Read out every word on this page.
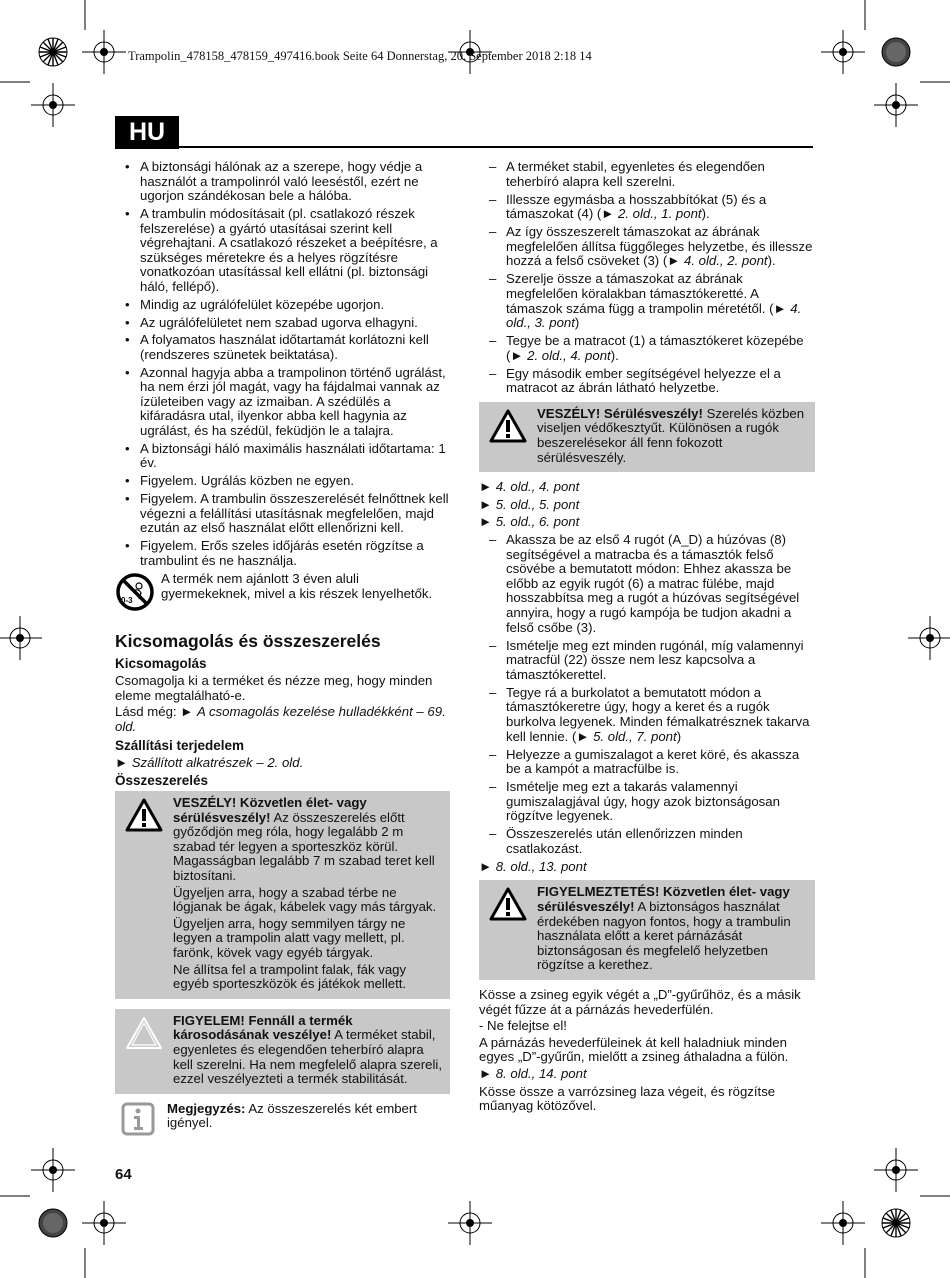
Trampolin_478158_478159_497416.book Seite 64 Donnerstag, 20. September 2018 2:18 14
HU
• A biztonsági hálónak az a szerepe, hogy védje a használót a trampolinról való leeséstől, ezért ne ugorjon szándékosan bele a hálóba.
• A trambulin módosításait (pl. csatlakozó részek felszerelése) a gyártó utasításai szerint kell végrehajtani. A csatlakozó részeket a beépítésre, a szükséges méretekre és a helyes rögzítésre vonatkozóan utasítással kell ellátni (pl. biztonsági háló, fellépő).
• Mindig az ugrálófelület közepébe ugorjon.
• Az ugrálófelületet nem szabad ugorva elhagyni.
• A folyamatos használat időtartamát korlátozni kell (rendszeres szünetek beiktatása).
• Azonnal hagyja abba a trampolinon történő ugrálást, ha nem érzi jól magát, vagy ha fájdalmai vannak az ízületeiben vagy az izmaiban. A szédülés a kifáradásra utal, ilyenkor abba kell hagynia az ugrálást, és ha szédül, feküdjön le a talajra.
• A biztonsági háló maximális használati időtartama: 1 év.
• Figyelem. Ugrálás közben ne egyen.
• Figyelem. A trambulin összeszerelését felnőttnek kell végezni a felállítási utasításnak megfelelően, majd ezután az első használat előtt ellenőrizni kell.
• Figyelem. Erős szeles időjárás esetén rögzítse a trambulint és ne használja.
0-3
A termék nem ajánlott 3 éven aluli gyermekeknek, mivel a kis részek lenyelhetők.
Kicsomagolás és összeszerelés
Kicsomagolás

Csomagolja ki a terméket és nézze meg, hogy minden eleme megtalálható-e.

Lásd még: ► A csomagolás kezelése hulladékként – 69. old.

Szállítási terjedelem

► Szállított alkatrészek – 2. old.

Összeszerelés

VESZÉLY! Közvetlen élet- vagy sérülésveszély! Az összeszerelés előtt győződjön meg róla, hogy legalább 2 m szabad tér legyen a sporteszköz körül. Magasságban legalább 7 m szabad teret kell biztosítani.

Ügyeljen arra, hogy a szabad térbe ne lógjanak be ágak, kábelek vagy más tárgyak.

Ügyeljen arra, hogy semmilyen tárgy ne legyen a trampolin alatt vagy mellett, pl. farönk, kövek vagy egyéb tárgyak.

Ne állítsa fel a trampolint falak, fák vagy egyéb sporteszközök és játékok mellett.

FIGYELEM! Fennáll a termék károsodásának veszélye! A terméket stabil, egyenletes és elegendően teherbíró alapra kell szerelni. Ha nem megfelelő alapra szereli, ezzel veszélyezteti a termék stabilitását.

Megjegyzés: Az összeszerelés két embert igényel.
– A terméket stabil, egyenletes és elegendően teherbíró alapra kell szerelni.
– Illessze egymásba a hosszabbítókat (5) és a támaszokat (4) (► 2. old., 1. pont).
– Az így összeszerelt támaszokat az ábrának megfelelően állítsa függőleges helyzetbe, és illessze hozzá a felső csöveket (3) (► 4. old., 2. pont).
– Szerelje össze a támaszokat az ábrának megfelelően köralakban támasztókeretté. A támaszok száma függ a trampolin méretétől. (► 4. old., 3. pont)
– Tegye be a matracot (1) a támasztókeret közepébe (► 2. old., 4. pont).
– Egy második ember segítségével helyezze el a matracot az ábrán látható helyzetbe.

VESZÉLY! Sérülésveszély! Szerelés közben viseljen védőkesztyűt. Különösen a rugók beszerelésekor áll fenn fokozott sérülésveszély.

► 4. old., 4. pont

► 5. old., 5. pont

► 5. old., 6. pont

– Akassza be az első 4 rugót (A_D) a húzóvas (8) segítségével a matracba és a támasztók felső csövébe a bemutatott módon: Ehhez akassza be előbb az egyik rugót (6) a matrac fülébe, majd hosszabbítsa meg a rugót a húzóvas segítségével annyira, hogy a rugó kampója be tudjon akadni a felső csőbe (3).
– Ismételje meg ezt minden rugónál, míg valamennyi matracfül (22) össze nem lesz kapcsolva a támasztókerettel.
– Tegye rá a burkolatot a bemutatott módon a támasztókeretre úgy, hogy a keret és a rugók burkolva legyenek. Minden fémalkatrésznek takarva kell lennie. (► 5. old., 7. pont)
– Helyezze a gumiszalagot a keret köré, és akassza be a kampót a matracfülbe is.
– Ismételje meg ezt a takarás valamennyi gumiszalagjával úgy, hogy azok biztonságosan rögzítve legyenek.
– Összeszerelés után ellenőrizzen minden csatlakozást.

► 8. old., 13. pont

FIGYELMEZTETÉS! Közvetlen élet- vagy sérülésveszély! A biztonságos használat érdekében nagyon fontos, hogy a trambulin használata előtt a keret párnázását biztonságosan és megfelelő helyzetben rögzítse a kerethez.

Kösse a zsineg egyik végét a „D”-gyűrűhöz, és a másik végét fűzze át a párnázás hevederfülén.

- Ne felejtse el!

A párnázás hevederfüleinek át kell haladniuk minden egyes „D”-gyűrűn, mielőtt a zsineg áthaladna a fülön.

► 8. old., 14. pont

Kösse össze a varrózsineg laza végeit, és rögzítse műanyag kötözővel.

64
